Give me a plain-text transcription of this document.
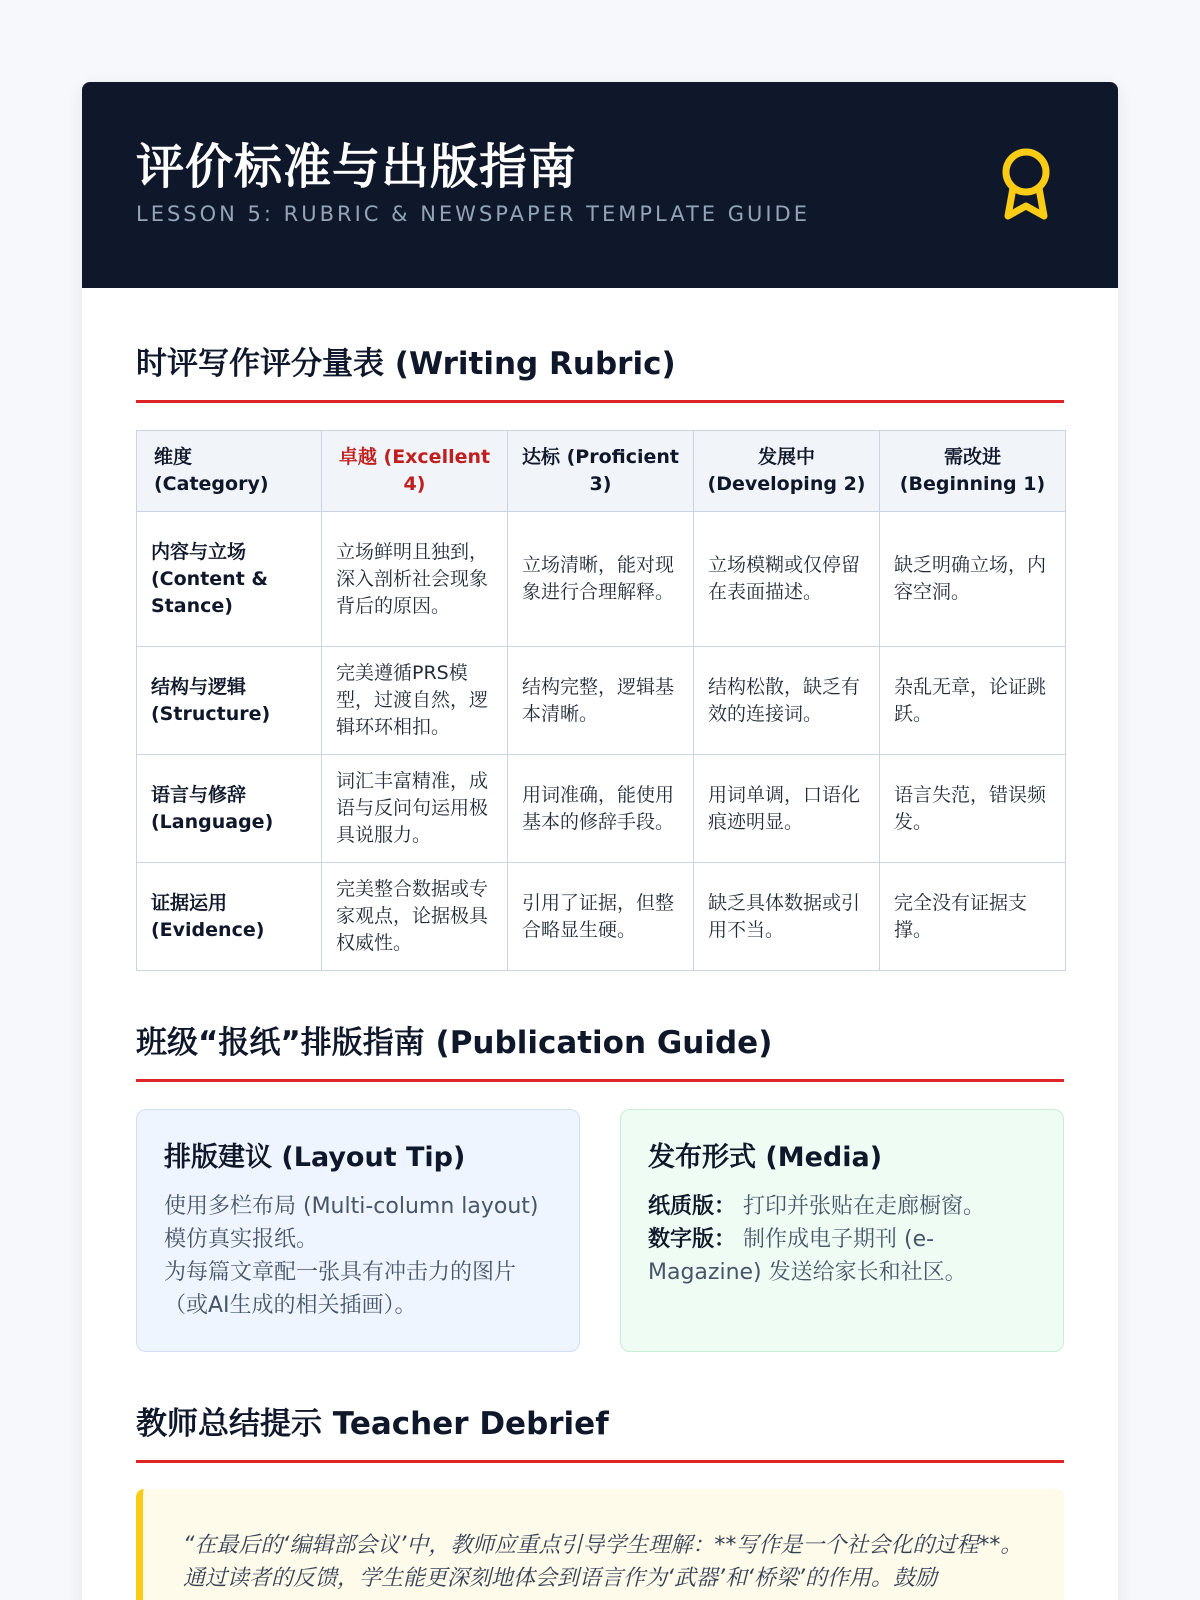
评价标准与出版指南
LESSON 5: RUBRIC & NEWSPAPER TEMPLATE GUIDE
时评写作评分量表 (Writing Rubric)
维度 (Category)	卓越 (Excellent 4)	达标 (Proficient 3)	发展中 (Developing 2)	需改进 (Beginning 1)
内容与立场 (Content & Stance)	立场鲜明且独到，深入剖析社会现象背后的原因。	立场清晰，能对现象进行合理解释。	立场模糊或仅停留在表面描述。	缺乏明确立场，内容空洞。
结构与逻辑 (Structure)	完美遵循PRS模型，过渡自然，逻辑环环相扣。	结构完整，逻辑基本清晰。	结构松散，缺乏有效的连接词。	杂乱无章，论证跳跃。
语言与修辞 (Language)	词汇丰富精准，成语与反问句运用极具说服力。	用词准确，能使用基本的修辞手段。	用词单调，口语化痕迹明显。	语言失范，错误频发。
证据运用 (Evidence)	完美整合数据或专家观点，论据极具权威性。	引用了证据，但整合略显生硬。	缺乏具体数据或引用不当。	完全没有证据支撑。
班级“报纸”排版指南 (Publication Guide)
排版建议 (Layout Tip)
使用多栏布局 (Multi-column layout) 模仿真实报纸。
为每篇文章配一张具有冲击力的图片（或AI生成的相关插画）。
发布形式 (Media)
纸质版： 打印并张贴在走廊橱窗。
数字版： 制作成电子期刊 (e-Magazine) 发送给家长和社区。
教师总结提示 Teacher Debrief
“在最后的‘编辑部会议’中，教师应重点引导学生理解：**写作是一个社会化的过程**。通过读者的反馈，学生能更深刻地体会到语言作为‘武器’和‘桥梁’的作用。鼓励
